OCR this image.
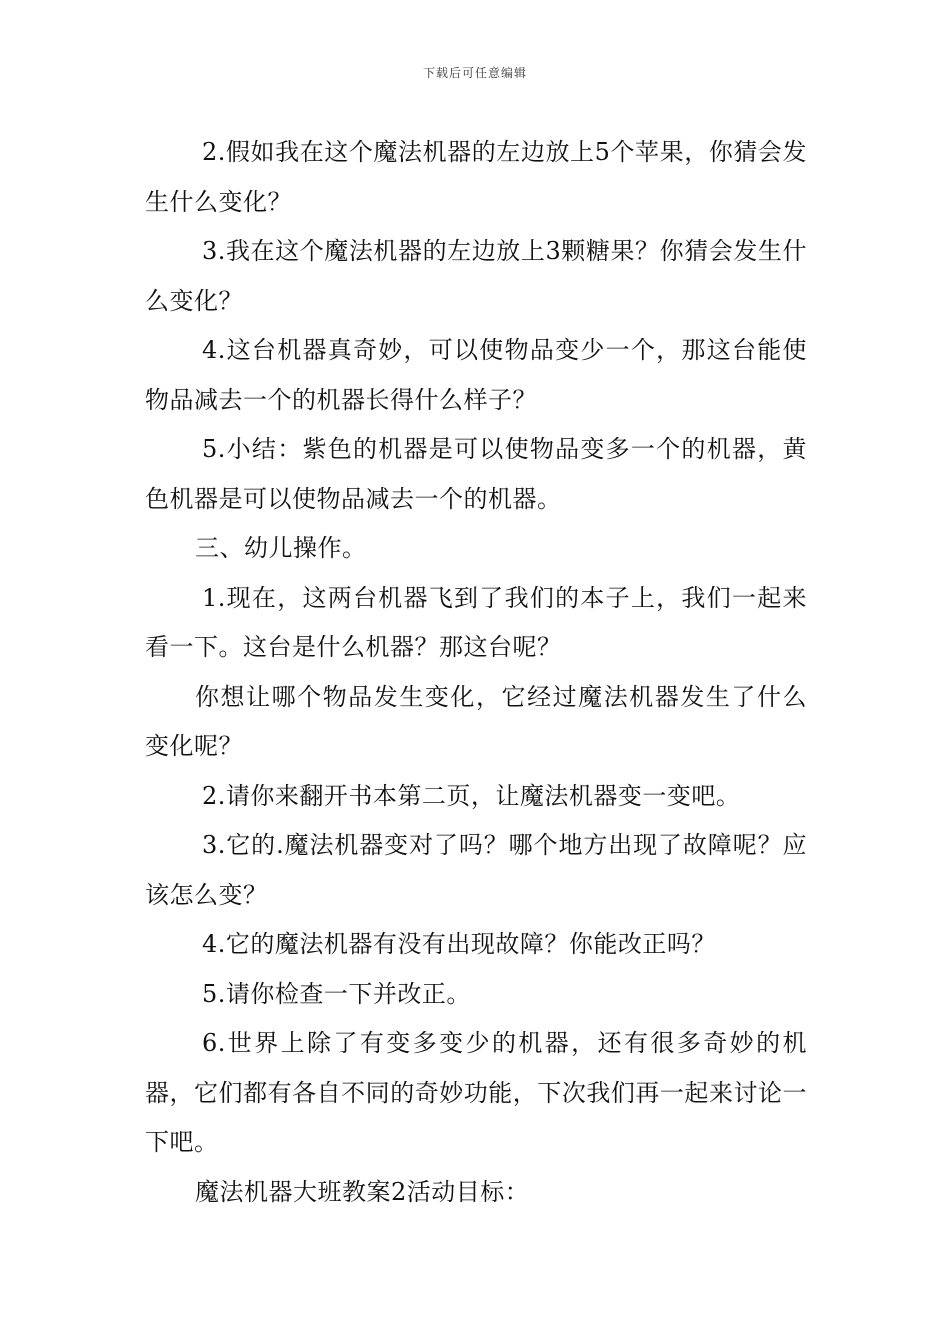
下载后可任意编辑

2.假如我在这个魔法机器的左边放上5个苹果，你猜会发生什么变化？

3.我在这个魔法机器的左边放上3颗糖果？你猜会发生什么变化？

4.这台机器真奇妙，可以使物品变少一个，那这台能使物品减去一个的机器长得什么样子？

5.小结：紫色的机器是可以使物品变多一个的机器，黄色机器是可以使物品减去一个的机器。

三、幼儿操作。

1.现在，这两台机器飞到了我们的本子上，我们一起来看一下。这台是什么机器？那这台呢？

你想让哪个物品发生变化，它经过魔法机器发生了什么变化呢？

2.请你来翻开书本第二页，让魔法机器变一变吧。

3.它的.魔法机器变对了吗？哪个地方出现了故障呢？应该怎么变？

4.它的魔法机器有没有出现故障？你能改正吗？

5.请你检查一下并改正。

6.世界上除了有变多变少的机器，还有很多奇妙的机器，它们都有各自不同的奇妙功能，下次我们再一起来讨论一下吧。

魔法机器大班教案2活动目标：
